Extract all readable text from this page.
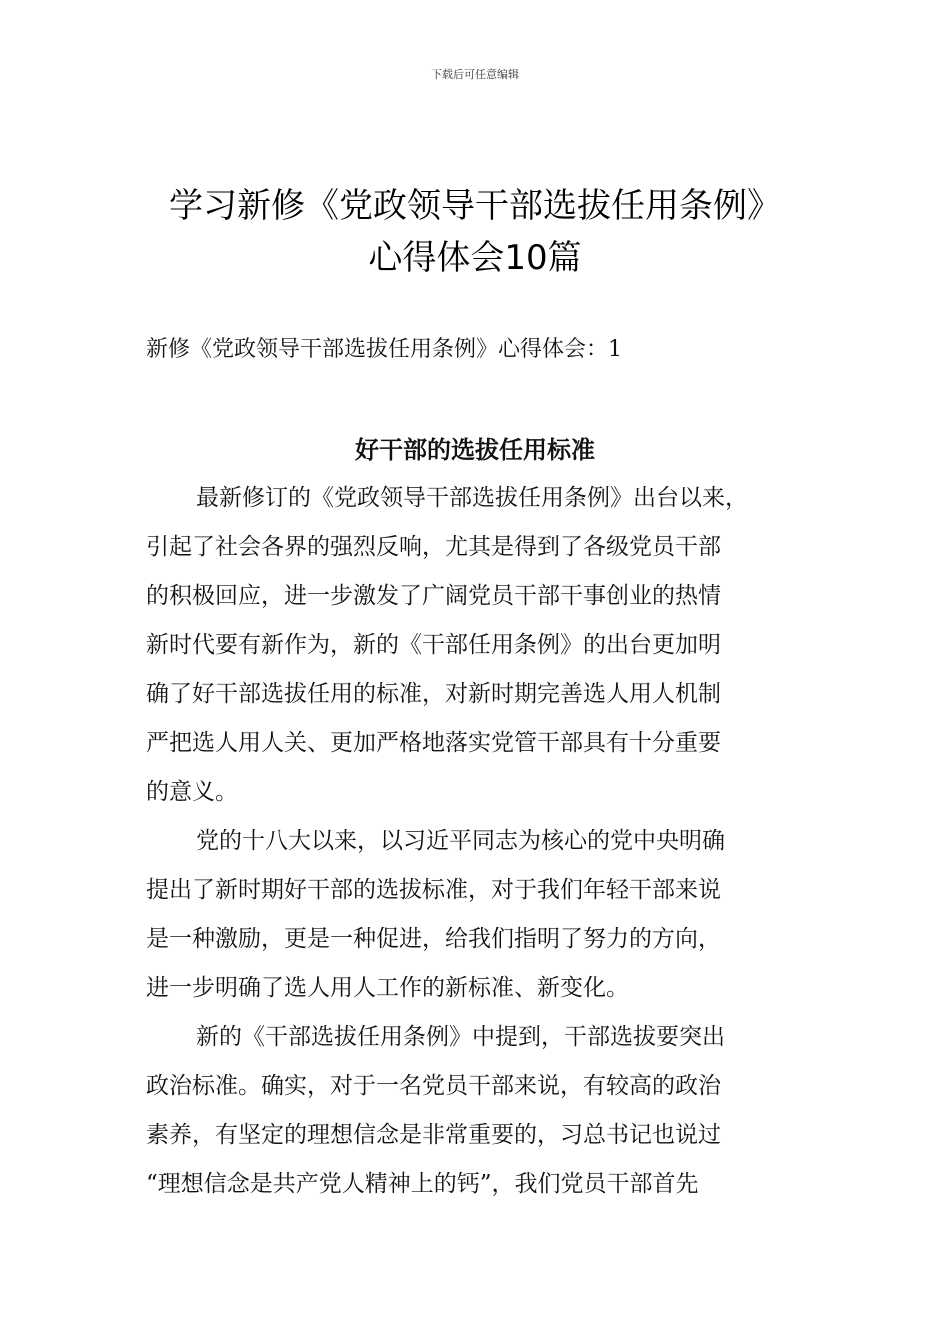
下载后可任意编辑
学习新修《党政领导干部选拔任用条例》
心得体会10篇
新修《党政领导干部选拔任用条例》心得体会：1
好干部的选拔任用标准
最新修订的《党政领导干部选拔任用条例》出台以来，
引起了社会各界的强烈反响，尤其是得到了各级党员干部
的积极回应，进一步激发了广阔党员干部干事创业的热情
新时代要有新作为，新的《干部任用条例》的出台更加明
确了好干部选拔任用的标准，对新时期完善选人用人机制
严把选人用人关、更加严格地落实党管干部具有十分重要
的意义。
党的十八大以来，以习近平同志为核心的党中央明确
提出了新时期好干部的选拔标准，对于我们年轻干部来说
是一种激励，更是一种促进，给我们指明了努力的方向，
进一步明确了选人用人工作的新标准、新变化。
新的《干部选拔任用条例》中提到，干部选拔要突出
政治标准。确实，对于一名党员干部来说，有较高的政治
素养，有坚定的理想信念是非常重要的，习总书记也说过
“理想信念是共产党人精神上的钙”，我们党员干部首先
